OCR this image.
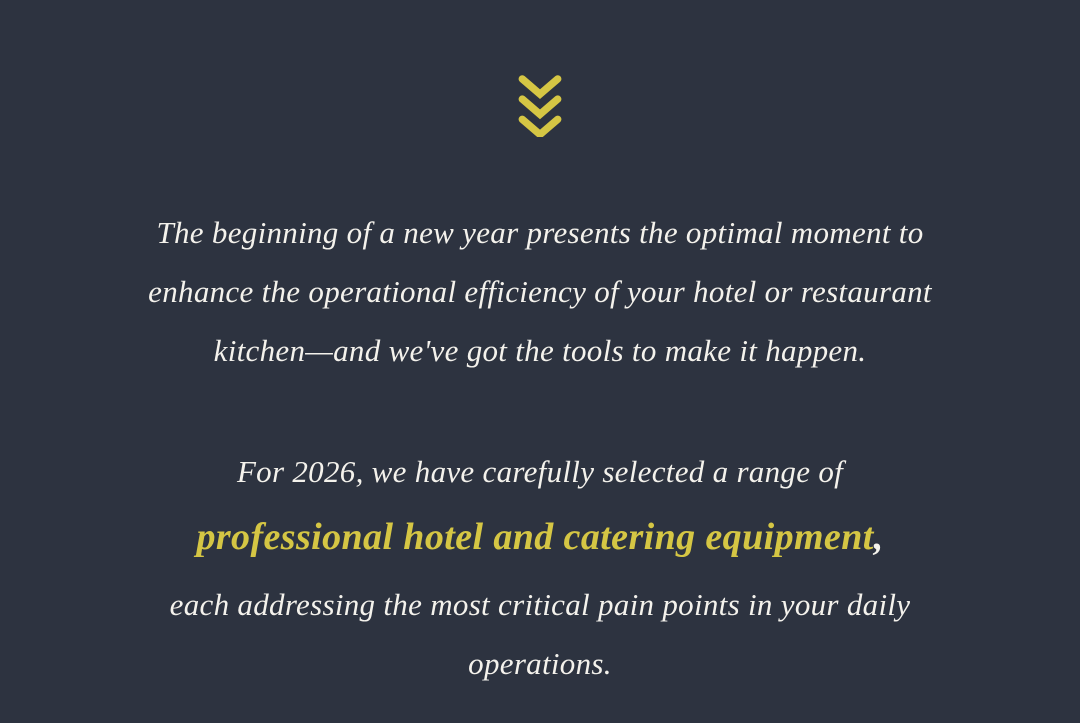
The beginning of a new year presents the optimal moment to
enhance the operational efficiency of your hotel or restaurant
kitchen—and we've got the tools to make it happen.
For 2026, we have carefully selected a range of
professional hotel and catering equipment,
each addressing the most critical pain points in your daily
operations.
